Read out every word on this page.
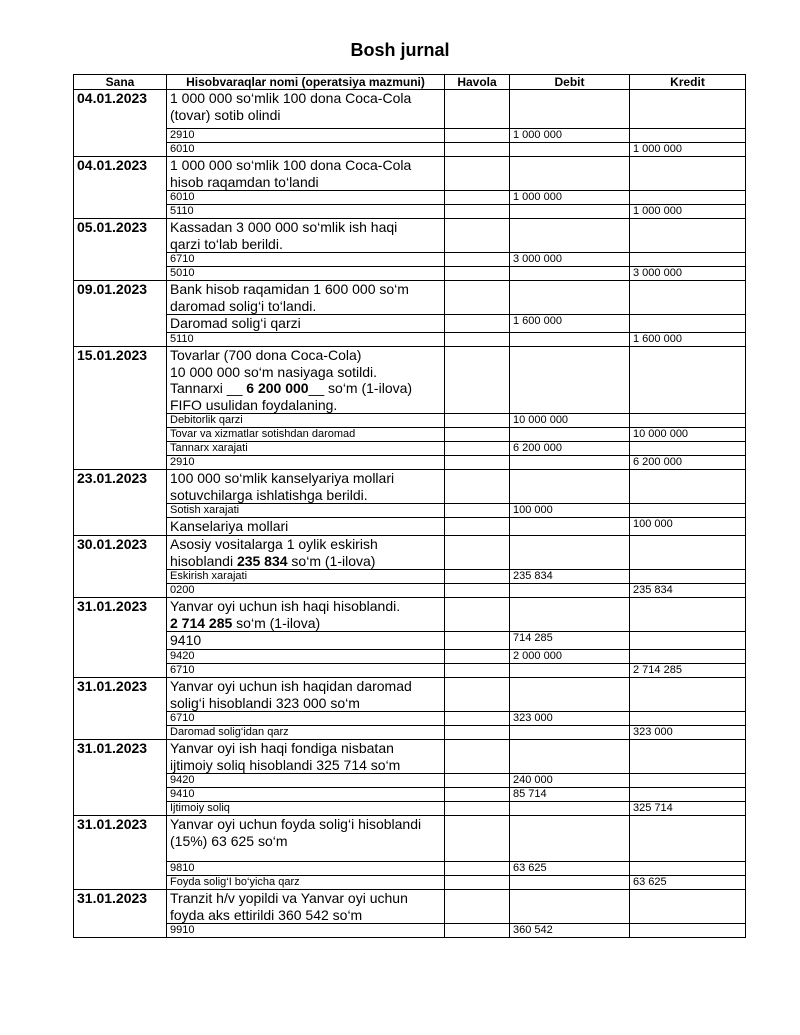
Bosh jurnal
Sana	Hisobvaraqlar nomi (operatsiya mazmuni)	Havola	Debit	Kredit
04.01.2023	1 000 000 so‘mlik 100 dona Coca-Cola
(tovar) sotib olindi			
	2910		1 000 000	
	6010			1 000 000
04.01.2023	1 000 000 so‘mlik 100 dona Coca-Cola
hisob raqamdan to‘landi			
	6010		1 000 000	
	5110			1 000 000
05.01.2023	Kassadan 3 000 000 so‘mlik ish haqi
qarzi to‘lab berildi.			
	6710		3 000 000	
	5010			3 000 000
09.01.2023	Bank hisob raqamidan 1 600 000 so‘m
daromad solig‘i to‘landi.			
	Daromad solig‘i qarzi		1 600 000	
	5110			1 600 000
15.01.2023	Tovarlar (700 dona Coca-Cola)
10 000 000 so‘m nasiyaga sotildi.
Tannarxi __ 6 200 000__ so‘m (1-ilova)
FIFO usulidan foydalaning.			
	Debitorlik qarzi		10 000 000	
	Tovar va xizmatlar sotishdan daromad			10 000 000
	Tannarx xarajati		6 200 000	
	2910			6 200 000
23.01.2023	100 000 so‘mlik kanselyariya mollari
sotuvchilarga ishlatishga berildi.			
	Sotish xarajati		100 000	
	Kanselariya mollari			100 000
30.01.2023	Asosiy vositalarga 1 oylik eskirish
hisoblandi 235 834 so‘m (1-ilova)			
	Eskirish xarajati		235 834	
	0200			235 834
31.01.2023	Yanvar oyi uchun ish haqi hisoblandi.
2 714 285 so‘m (1-ilova)			
	9410		714 285	
	9420		2 000 000	
	6710			2 714 285
31.01.2023	Yanvar oyi uchun ish haqidan daromad
solig‘i hisoblandi 323 000 so‘m			
	6710		323 000	
	Daromad solig‘idan qarz			323 000
31.01.2023	Yanvar oyi ish haqi fondiga nisbatan
ijtimoiy soliq hisoblandi 325 714 so‘m			
	9420		240 000	
	9410		85 714	
	Ijtimoiy soliq			325 714
31.01.2023	Yanvar oyi uchun foyda solig‘i hisoblandi
(15%) 63 625 so‘m			
	9810		63 625	
	Foyda solig‘I bo‘yicha qarz			63 625
31.01.2023	Tranzit h/v yopildi va Yanvar oyi uchun
foyda aks ettirildi 360 542 so‘m			
	9910		360 542	
